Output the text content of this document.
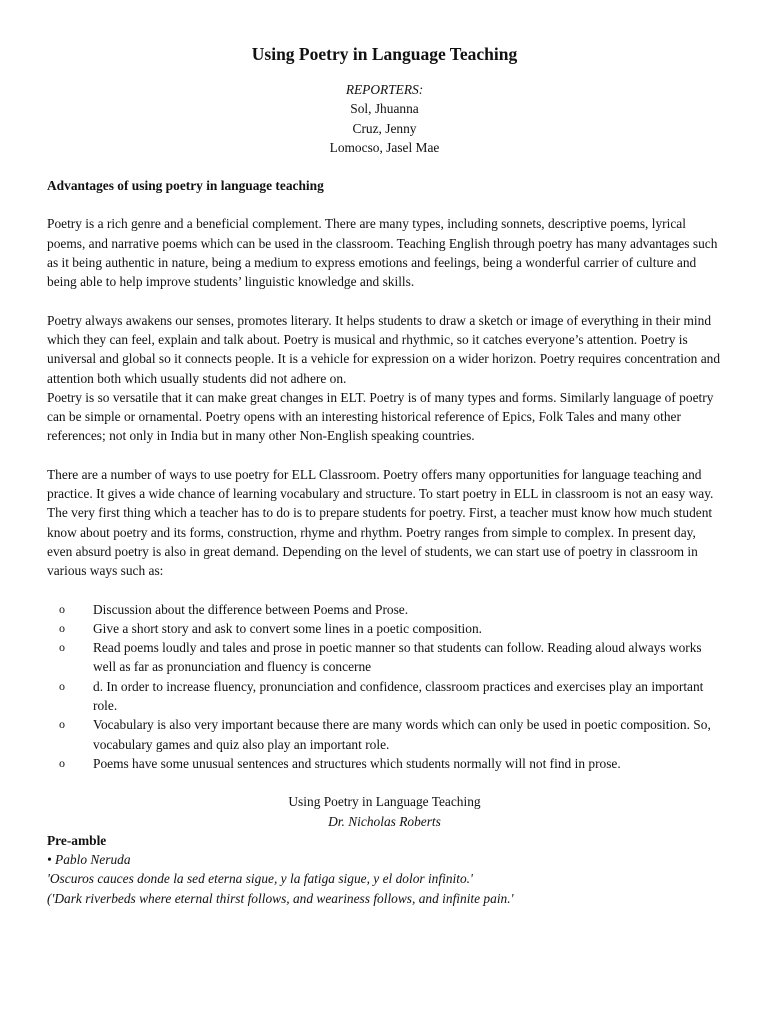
Using Poetry in Language Teaching
REPORTERS:
Sol, Jhuanna
Cruz, Jenny
Lomocso, Jasel Mae
Advantages of using poetry in language teaching

Poetry is a rich genre and a beneficial complement. There are many types, including sonnets, descriptive poems, lyrical poems, and narrative poems which can be used in the classroom. Teaching English through poetry has many advantages such as it being authentic in nature, being a medium to express emotions and feelings, being a wonderful carrier of culture and being able to help improve students’ linguistic knowledge and skills.

Poetry always awakens our senses, promotes literary. It helps students to draw a sketch or image of everything in their mind which they can feel, explain and talk about. Poetry is musical and rhythmic, so it catches everyone’s attention. Poetry is universal and global so it connects people. It is a vehicle for expression on a wider horizon. Poetry requires concentration and attention both which usually students did not adhere on.

Poetry is so versatile that it can make great changes in ELT. Poetry is of many types and forms. Similarly language of poetry can be simple or ornamental. Poetry opens with an interesting historical reference of Epics, Folk Tales and many other references; not only in India but in many other Non-English speaking countries.

There are a number of ways to use poetry for ELL Classroom. Poetry offers many opportunities for language teaching and practice. It gives a wide chance of learning vocabulary and structure. To start poetry in ELL in classroom is not an easy way. The very first thing which a teacher has to do is to prepare students for poetry. First, a teacher must know how much student know about poetry and its forms, construction, rhyme and rhythm. Poetry ranges from simple to complex. In present day, even absurd poetry is also in great demand. Depending on the level of students, we can start use of poetry in classroom in various ways such as:

o Discussion about the difference between Poems and Prose.
o Give a short story and ask to convert some lines in a poetic composition.
o Read poems loudly and tales and prose in poetic manner so that students can follow. Reading aloud always works well as far as pronunciation and fluency is concerne
o d. In order to increase fluency, pronunciation and confidence, classroom practices and exercises play an important role.
o Vocabulary is also very important because there are many words which can only be used in poetic composition. So, vocabulary games and quiz also play an important role.
o Poems have some unusual sentences and structures which students normally will not find in prose.
Using Poetry in Language Teaching
Dr. Nicholas Roberts
Pre-amble
• Pablo Neruda
'Oscuros cauces donde la sed eterna sigue, y la fatiga sigue, y el dolor infinito.'
('Dark riverbeds where eternal thirst follows, and weariness follows, and infinite pain.'
